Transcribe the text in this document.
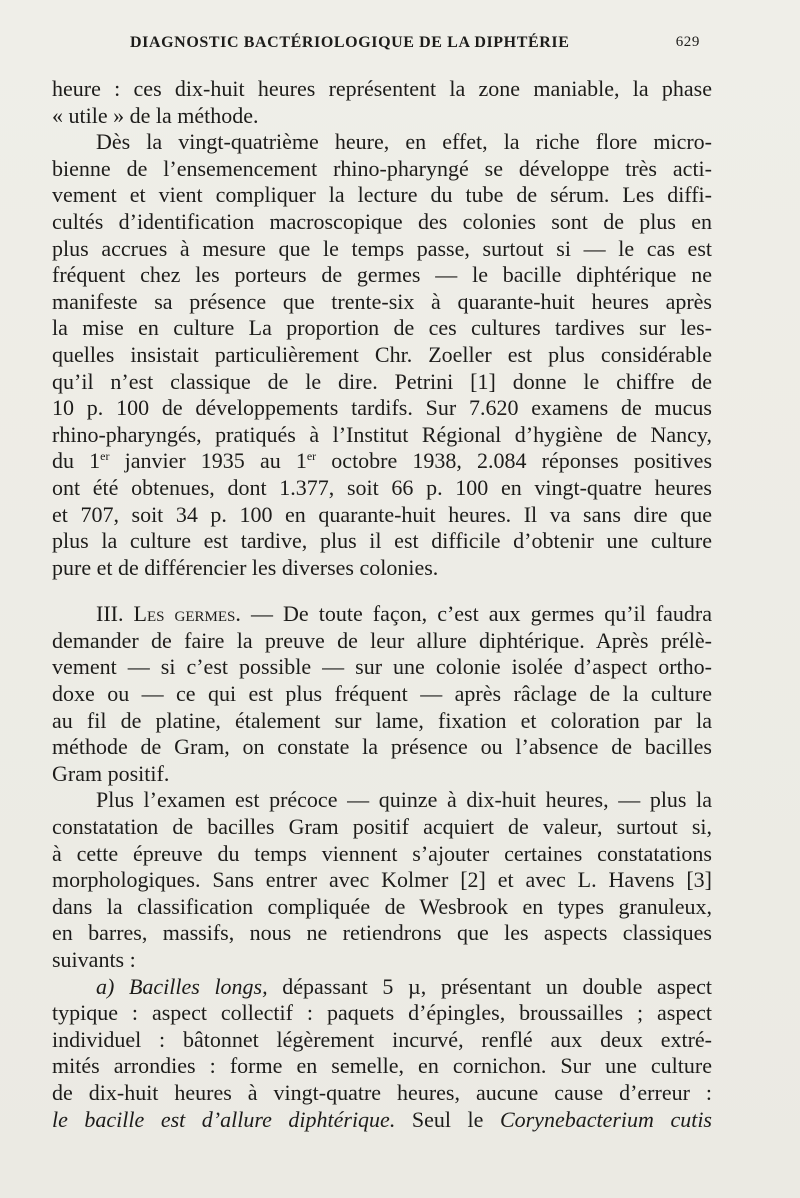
DIAGNOSTIC BACTÉRIOLOGIQUE DE LA DIPHTÉRIE	629
heure : ces dix-huit heures représentent la zone maniable, la phase
« utile » de la méthode.
Dès la vingt-quatrième heure, en effet, la riche flore micro-
bienne de l’ensemencement rhino-pharyngé se développe très acti-
vement et vient compliquer la lecture du tube de sérum. Les diffi-
cultés d’identification macroscopique des colonies sont de plus en
plus accrues à mesure que le temps passe, surtout si — le cas est
fréquent chez les porteurs de germes — le bacille diphtérique ne
manifeste sa présence que trente-six à quarante-huit heures après
la mise en culture La proportion de ces cultures tardives sur les-
quelles insistait particulièrement Chr. Zoeller est plus considérable
qu’il n’est classique de le dire. Petrini [1] donne le chiffre de
10 p. 100 de développements tardifs. Sur 7.620 examens de mucus
rhino-pharyngés, pratiqués à l’Institut Régional d’hygiène de Nancy,
du 1er janvier 1935 au 1er octobre 1938, 2.084 réponses positives
ont été obtenues, dont 1.377, soit 66 p. 100 en vingt-quatre heures
et 707, soit 34 p. 100 en quarante-huit heures. Il va sans dire que
plus la culture est tardive, plus il est difficile d’obtenir une culture
pure et de différencier les diverses colonies.
III. Les germes. — De toute façon, c’est aux germes qu’il faudra
demander de faire la preuve de leur allure diphtérique. Après prélè-
vement — si c’est possible — sur une colonie isolée d’aspect ortho-
doxe ou — ce qui est plus fréquent — après râclage de la culture
au fil de platine, étalement sur lame, fixation et coloration par la
méthode de Gram, on constate la présence ou l’absence de bacilles
Gram positif.
Plus l’examen est précoce — quinze à dix-huit heures, — plus la
constatation de bacilles Gram positif acquiert de valeur, surtout si,
à cette épreuve du temps viennent s’ajouter certaines constatations
morphologiques. Sans entrer avec Kolmer [2] et avec L. Havens [3]
dans la classification compliquée de Wesbrook en types granuleux,
en barres, massifs, nous ne retiendrons que les aspects classiques
suivants :
a) Bacilles longs, dépassant 5 µ, présentant un double aspect
typique : aspect collectif : paquets d’épingles, broussailles ; aspect
individuel : bâtonnet légèrement incurvé, renflé aux deux extré-
mités arrondies : forme en semelle, en cornichon. Sur une culture
de dix-huit heures à vingt-quatre heures, aucune cause d’erreur :
le bacille est d’allure diphtérique. Seul le Corynebacterium cutis
